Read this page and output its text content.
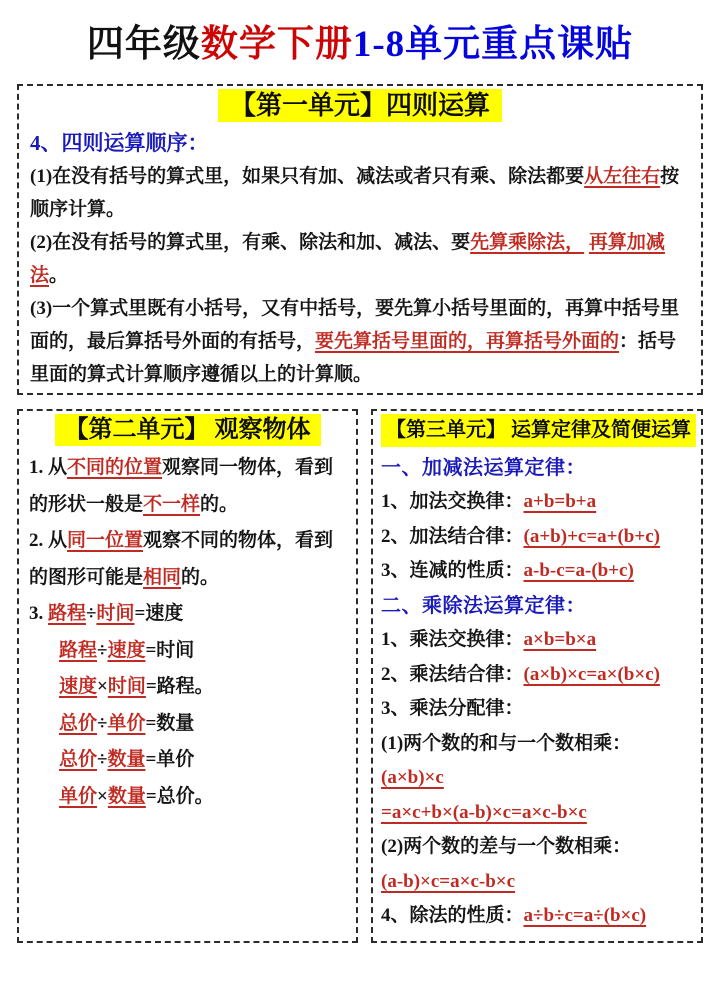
四年级数学下册1-8单元重点课贴
【第一单元】四则运算

4、四则运算顺序：

(1)在没有括号的算式里，如果只有加、减法或者只有乘、除法都要从左往右按顺序计算。

(2)在没有括号的算式里，有乘、除法和加、减法、要先算乘除法， 再算加减法。

(3)一个算式里既有小括号，又有中括号，要先算小括号里面的，再算中括号里面的，最后算括号外面的有括号，要先算括号里面的，再算括号外面的：括号里面的算式计算顺序遵循以上的计算顺。

【第二单元】 观察物体

1. 从不同的位置观察同一物体，看到的形状一般是不一样的。

2. 从同一位置观察不同的物体，看到的图形可能是相同的。

3. 路程÷时间=速度

路程÷速度=时间

速度×时间=路程。

总价÷单价=数量

总价÷数量=单价

单价×数量=总价。

【第三单元】 运算定律及简便运算

一、加减法运算定律：

1、加法交换律：a+b=b+a

2、加法结合律：(a+b)+c=a+(b+c)

3、连减的性质：a-b-c=a-(b+c)

二、乘除法运算定律：

1、乘法交换律：a×b=b×a

2、乘法结合律：(a×b)×c=a×(b×c)

3、乘法分配律：

(1)两个数的和与一个数相乘：

(a×b)×c

=a×c+b×(a-b)×c=a×c-b×c

(2)两个数的差与一个数相乘：

(a-b)×c=a×c-b×c

4、除法的性质：a÷b÷c=a÷(b×c)
